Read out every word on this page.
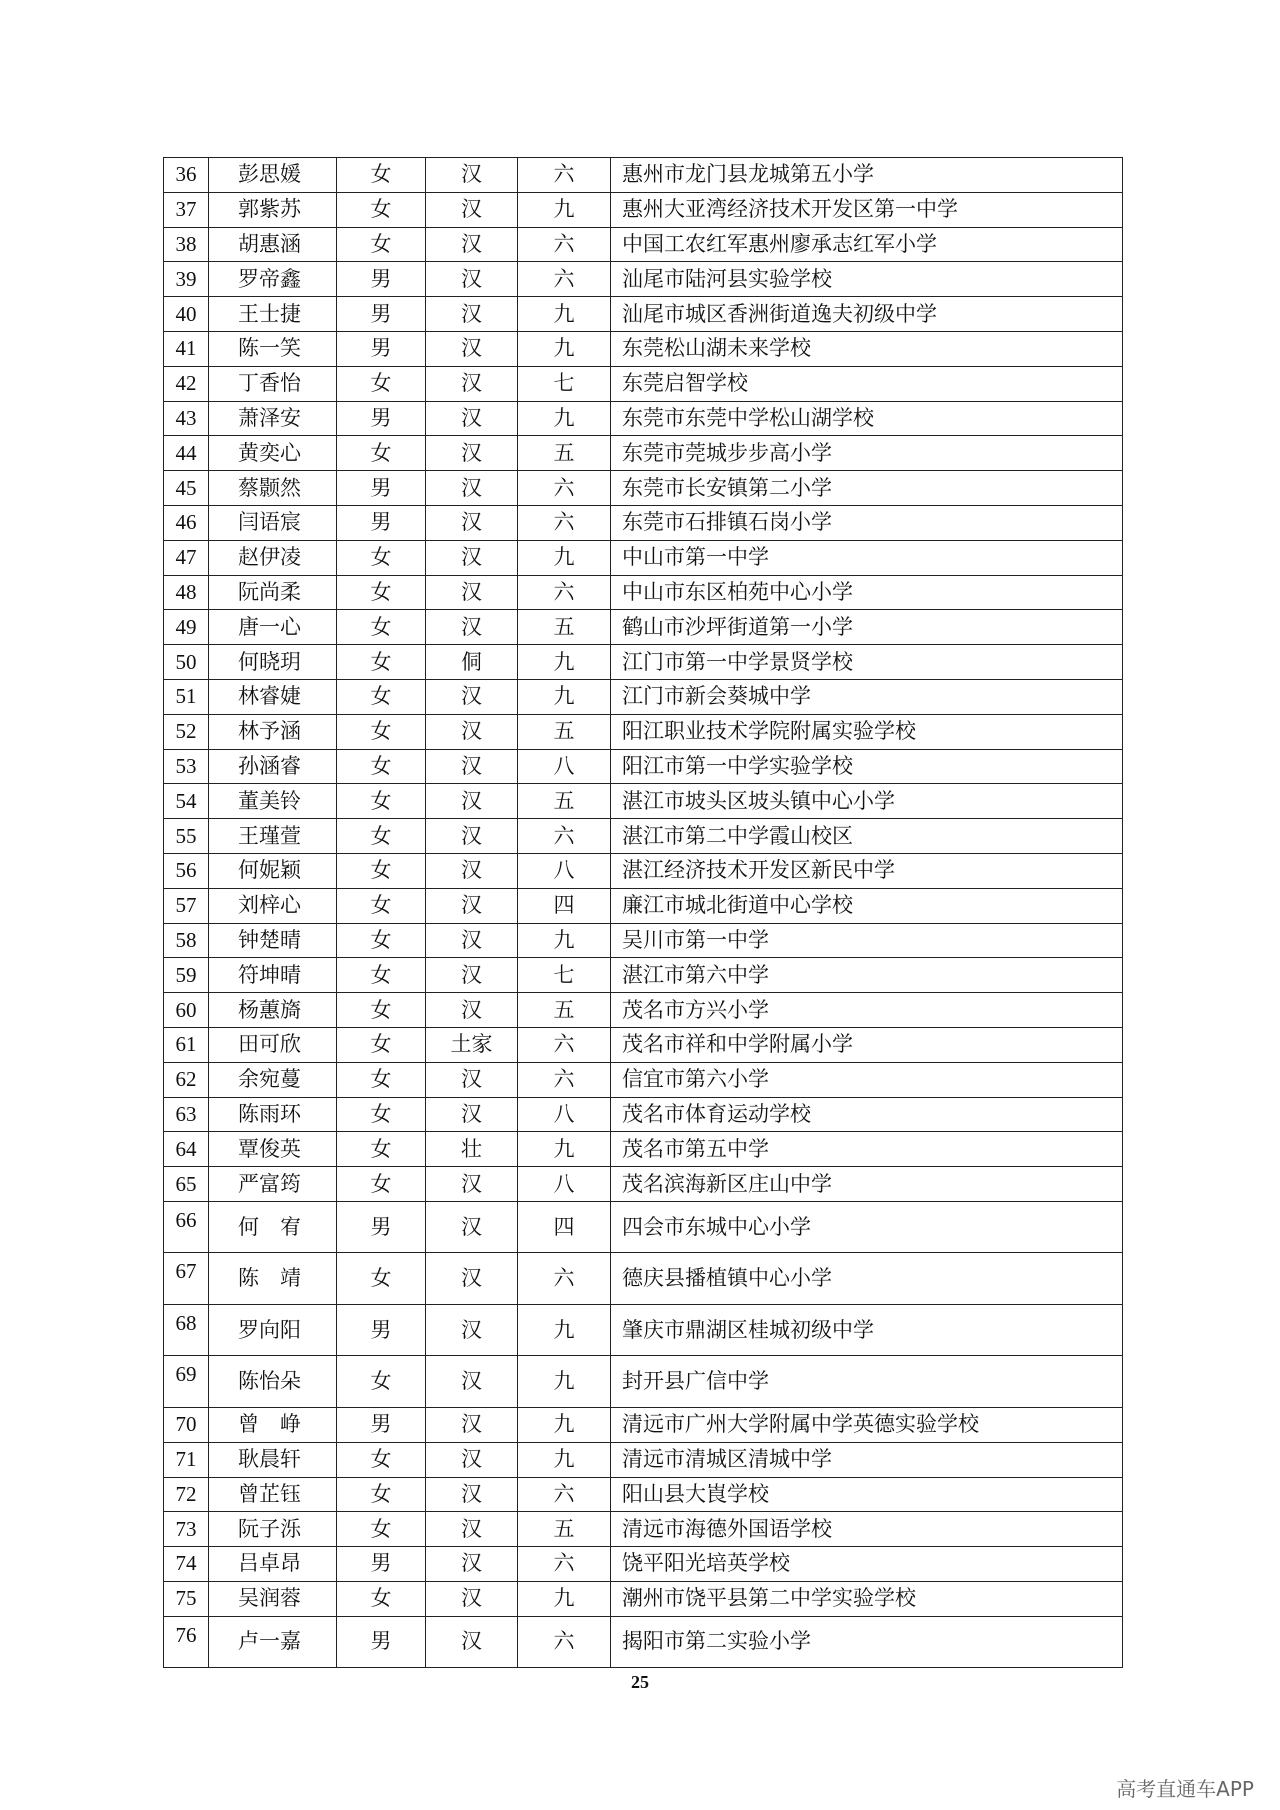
36	彭思媛	女	汉	六	惠州市龙门县龙城第五小学
37	郭紫苏	女	汉	九	惠州大亚湾经济技术开发区第一中学
38	胡惠涵	女	汉	六	中国工农红军惠州廖承志红军小学
39	罗帝鑫	男	汉	六	汕尾市陆河县实验学校
40	王士捷	男	汉	九	汕尾市城区香洲街道逸夫初级中学
41	陈一笑	男	汉	九	东莞松山湖未来学校
42	丁香怡	女	汉	七	东莞启智学校
43	萧泽安	男	汉	九	东莞市东莞中学松山湖学校
44	黄奕心	女	汉	五	东莞市莞城步步高小学
45	蔡颢然	男	汉	六	东莞市长安镇第二小学
46	闫语宸	男	汉	六	东莞市石排镇石岗小学
47	赵伊凌	女	汉	九	中山市第一中学
48	阮尚柔	女	汉	六	中山市东区柏苑中心小学
49	唐一心	女	汉	五	鹤山市沙坪街道第一小学
50	何晓玥	女	侗	九	江门市第一中学景贤学校
51	林睿婕	女	汉	九	江门市新会葵城中学
52	林予涵	女	汉	五	阳江职业技术学院附属实验学校
53	孙涵睿	女	汉	八	阳江市第一中学实验学校
54	董美铃	女	汉	五	湛江市坡头区坡头镇中心小学
55	王瑾萱	女	汉	六	湛江市第二中学霞山校区
56	何妮颖	女	汉	八	湛江经济技术开发区新民中学
57	刘梓心	女	汉	四	廉江市城北街道中心学校
58	钟楚晴	女	汉	九	吴川市第一中学
59	符坤晴	女	汉	七	湛江市第六中学
60	杨蕙旖	女	汉	五	茂名市方兴小学
61	田可欣	女	土家	六	茂名市祥和中学附属小学
62	余宛蔓	女	汉	六	信宜市第六小学
63	陈雨环	女	汉	八	茂名市体育运动学校
64	覃俊英	女	壮	九	茂名市第五中学
65	严富筠	女	汉	八	茂名滨海新区庄山中学
66	何　宥	男	汉	四	四会市东城中心小学
67	陈　靖	女	汉	六	德庆县播植镇中心小学
68	罗向阳	男	汉	九	肇庆市鼎湖区桂城初级中学
69	陈怡朵	女	汉	九	封开县广信中学
70	曾　峥	男	汉	九	清远市广州大学附属中学英德实验学校
71	耿晨轩	女	汉	九	清远市清城区清城中学
72	曾芷钰	女	汉	六	阳山县大崀学校
73	阮子泺	女	汉	五	清远市海德外国语学校
74	吕卓昂	男	汉	六	饶平阳光培英学校
75	吴润蓉	女	汉	九	潮州市饶平县第二中学实验学校
76	卢一嘉	男	汉	六	揭阳市第二实验小学
25
高考直通车APP
